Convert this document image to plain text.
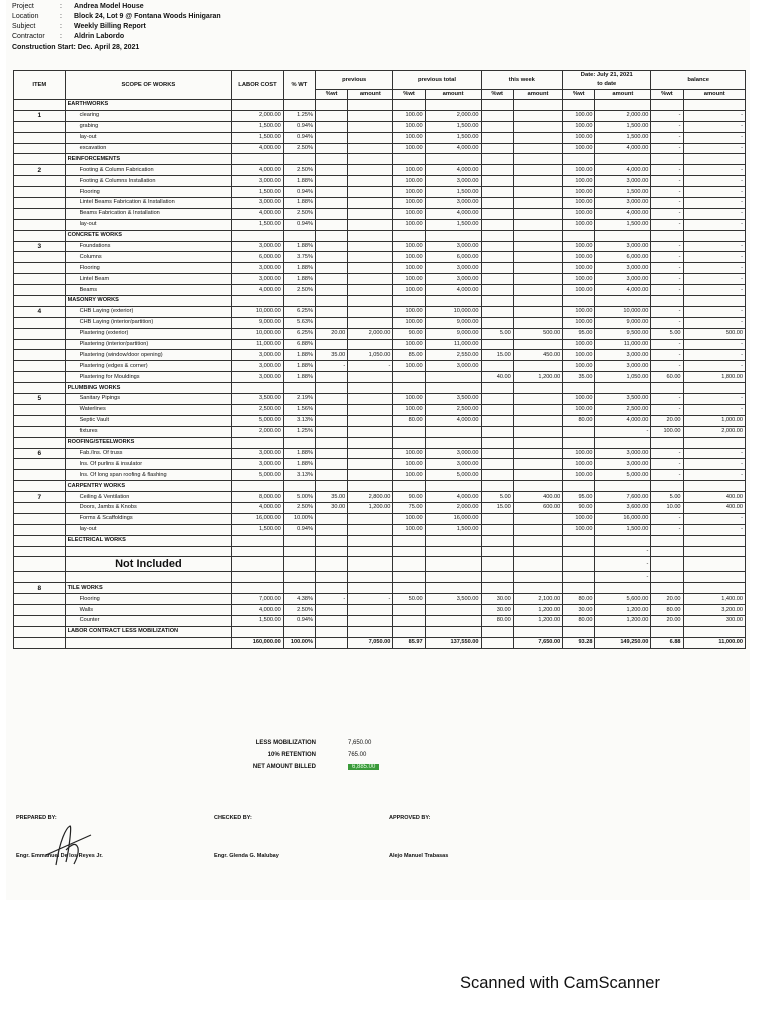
Project	: Andrea Model House
Location	: Block 24, Lot 9 @ Fontana Woods Hinigaran
Subject	: Weekly Billing Report
Contractor : Aldrin Labordo
Construction Start: Dec. April 28, 2021
ITEM	SCOPE OF WORKS	LABOR COST	% WT	previous		previous total		this week		Date: July 21, 2021
to date		balance	
				%wt	amount	%wt	amount	%wt	amount	%wt	amount	%wt	amount
	EARTHWORKS												
1	clearing	2,000.00	1.25%			100.00	2,000.00			100.00	2,000.00	-	-
	grabing	1,500.00	0.94%			100.00	1,500.00			100.00	1,500.00	-	-
	lay-out	1,500.00	0.94%			100.00	1,500.00			100.00	1,500.00	-	-
	excavation	4,000.00	2.50%			100.00	4,000.00			100.00	4,000.00	-	-
	REINFORCEMENTS												
2	Footing & Column Fabrication	4,000.00	2.50%			100.00	4,000.00			100.00	4,000.00	-	-
	Footing & Columns Installation	3,000.00	1.88%			100.00	3,000.00			100.00	3,000.00	-	-
	Flooring	1,500.00	0.94%			100.00	1,500.00			100.00	1,500.00	-	-
	Lintel Beams Fabrication & Installation	3,000.00	1.88%			100.00	3,000.00			100.00	3,000.00	-	-
	Beams Fabrication & Installation	4,000.00	2.50%			100.00	4,000.00			100.00	4,000.00	-	-
	lay-out	1,500.00	0.94%			100.00	1,500.00			100.00	1,500.00	-	-
	CONCRETE WORKS												
3	Foundations	3,000.00	1.88%			100.00	3,000.00			100.00	3,000.00	-	-
	Columns	6,000.00	3.75%			100.00	6,000.00			100.00	6,000.00	-	-
	Flooring	3,000.00	1.88%			100.00	3,000.00			100.00	3,000.00	-	-
	Lintel Beam	3,000.00	1.88%			100.00	3,000.00			100.00	3,000.00	-	-
	Beams	4,000.00	2.50%			100.00	4,000.00			100.00	4,000.00	-	-
	MASONRY WORKS												
4	CHB Laying (exterior)	10,000.00	6.25%			100.00	10,000.00			100.00	10,000.00	-	-
	CHB Laying (interior/partition)	9,000.00	5.63%			100.00	9,000.00			100.00	9,000.00	-	-
	Plastering (exterior)	10,000.00	6.25%	20.00	2,000.00	90.00	9,000.00	5.00	500.00	95.00	9,500.00	5.00	500.00
	Plastering (interior/partition)	11,000.00	6.88%			100.00	11,000.00			100.00	11,000.00	-	-
	Plastering (window/door opening)	3,000.00	1.88%	35.00	1,050.00	85.00	2,550.00	15.00	450.00	100.00	3,000.00	-	-
	Plastering (edges & corner)	3,000.00	1.88%	-	-	100.00	3,000.00			100.00	3,000.00	-	-
	Plastering for Mouldings	3,000.00	1.88%					40.00	1,200.00	35.00	1,050.00	60.00	1,800.00
	PLUMBING WORKS												
5	Sanitary Pipings	3,500.00	2.19%			100.00	3,500.00			100.00	3,500.00	-	-
	Waterlines	2,500.00	1.56%			100.00	2,500.00			100.00	2,500.00	-	-
	Septic Vault	5,000.00	3.13%			80.00	4,000.00			80.00	4,000.00	20.00	1,000.00
	fixtures	2,000.00	1.25%								-	100.00	2,000.00
	ROOFING/STEELWORKS												
6	Fab./Ins. Of truss	3,000.00	1.88%			100.00	3,000.00			100.00	3,000.00	-	-
	Ins. Of purlins & insulator	3,000.00	1.88%			100.00	3,000.00			100.00	3,000.00	-	-
	Ins. Of long span roofing & flashing	5,000.00	3.13%			100.00	5,000.00			100.00	5,000.00	-	-
	CARPENTRY WORKS												
7	Ceiling & Ventilation	8,000.00	5.00%	35.00	2,800.00	90.00	4,000.00	5.00	400.00	95.00	7,600.00	5.00	400.00
	Doors, Jambs & Knobs	4,000.00	2.50%	30.00	1,200.00	75.00	2,000.00	15.00	600.00	90.00	3,600.00	10.00	400.00
	Forms & Scaffoldings	16,000.00	10.00%			100.00	16,000.00			100.00	16,000.00	-	-
	lay-out	1,500.00	0.94%			100.00	1,500.00			100.00	1,500.00	-	-
	ELECTRICAL WORKS												
											-		
	Not Included										-		
											-		
8	TILE WORKS												
	Flooring	7,000.00	4.38%	-	-	50.00	3,500.00	30.00	2,100.00	80.00	5,600.00	20.00	1,400.00
	Walls	4,000.00	2.50%					30.00	1,200.00	30.00	1,200.00	80.00	3,200.00
	Counter	1,500.00	0.94%					80.00	1,200.00	80.00	1,200.00	20.00	300.00
	LABOR CONTRACT LESS MOBILIZATION												
		160,000.00	100.00%		7,050.00	85.97	137,550.00		7,650.00	93.28	149,250.00	6.88	11,000.00
LESS MOBILIZATION	7,650.00
10% RETENTION	765.00
NET AMOUNT BILLED	6,885.00
PREPARED BY:
Engr. Emmanuel De los Reyes Jr.
CHECKED BY:
Engr. Glenda G. Malubay
APPROVED BY:
Alejo Manuel Trabasas
Scanned with CamScanner
